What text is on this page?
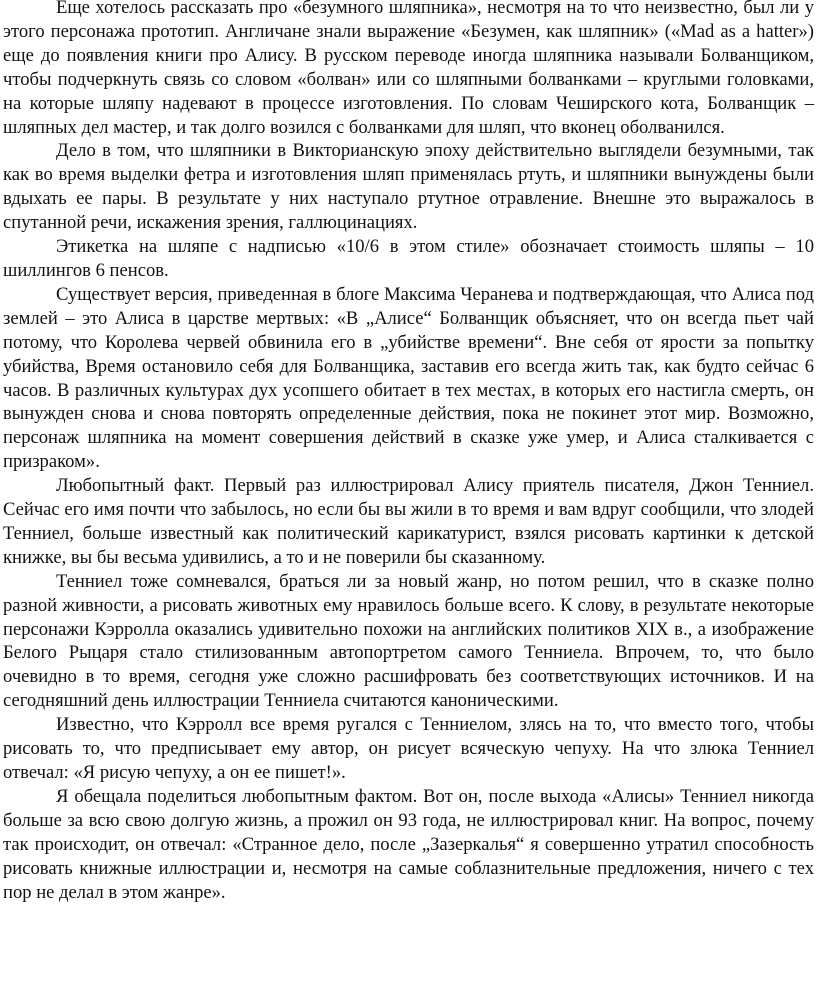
Еще хотелось рассказать про «безумного шляпника», несмотря на то что неизвестно, был ли у этого персонажа прототип. Англичане знали выражение «Безумен, как шляпник» («Mad as a hatter») еще до появления книги про Алису. В русском переводе иногда шляпника называли Болванщиком, чтобы подчеркнуть связь со словом «болван» или со шляпными болванками – круглыми головками, на которые шляпу надевают в процессе изготовления. По словам Чеширского кота, Болванщик – шляпных дел мастер, и так долго возился с болванками для шляп, что вконец оболванился.

Дело в том, что шляпники в Викторианскую эпоху действительно выглядели безумными, так как во время выделки фетра и изготовления шляп применялась ртуть, и шляпники вынуждены были вдыхать ее пары. В результате у них наступало ртутное отравление. Внешне это выражалось в спутанной речи, искажения зрения, галлюцинациях.

Этикетка на шляпе с надписью «10/6 в этом стиле» обозначает стоимость шляпы – 10 шиллингов 6 пенсов.

Существует версия, приведенная в блоге Максима Черанева и подтверждающая, что Алиса под землей – это Алиса в царстве мертвых: «В „Алисе“ Болванщик объясняет, что он всегда пьет чай потому, что Королева червей обвинила его в „убийстве времени“. Вне себя от ярости за попытку убийства, Время остановило себя для Болванщика, заставив его всегда жить так, как будто сейчас 6 часов. В различных культурах дух усопшего обитает в тех местах, в которых его настигла смерть, он вынужден снова и снова повторять определенные действия, пока не покинет этот мир. Возможно, персонаж шляпника на момент совершения действий в сказке уже умер, и Алиса сталкивается с призраком».

Любопытный факт. Первый раз иллюстрировал Алису приятель писателя, Джон Тенниел. Сейчас его имя почти что забылось, но если бы вы жили в то время и вам вдруг сообщили, что злодей Тенниел, больше известный как политический карикатурист, взялся рисовать картинки к детской книжке, вы бы весьма удивились, а то и не поверили бы сказанному.

Тенниел тоже сомневался, браться ли за новый жанр, но потом решил, что в сказке полно разной живности, а рисовать животных ему нравилось больше всего. К слову, в результате некоторые персонажи Кэрролла оказались удивительно похожи на английских политиков XIX в., а изображение Белого Рыцаря стало стилизованным автопортретом самого Тенниела. Впрочем, то, что было очевидно в то время, сегодня уже сложно расшифровать без соответствующих источников. И на сегодняшний день иллюстрации Тенниела считаются каноническими.

Известно, что Кэрролл все время ругался с Тенниелом, злясь на то, что вместо того, чтобы рисовать то, что предписывает ему автор, он рисует всяческую чепуху. На что злюка Тенниел отвечал: «Я рисую чепуху, а он ее пишет!».

Я обещала поделиться любопытным фактом. Вот он, после выхода «Алисы» Тенниел никогда больше за всю свою долгую жизнь, а прожил он 93 года, не иллюстрировал книг. На вопрос, почему так происходит, он отвечал: «Странное дело, после „Зазеркалья“ я совершенно утратил способность рисовать книжные иллюстрации и, несмотря на самые соблазнительные предложения, ничего с тех пор не делал в этом жанре».
